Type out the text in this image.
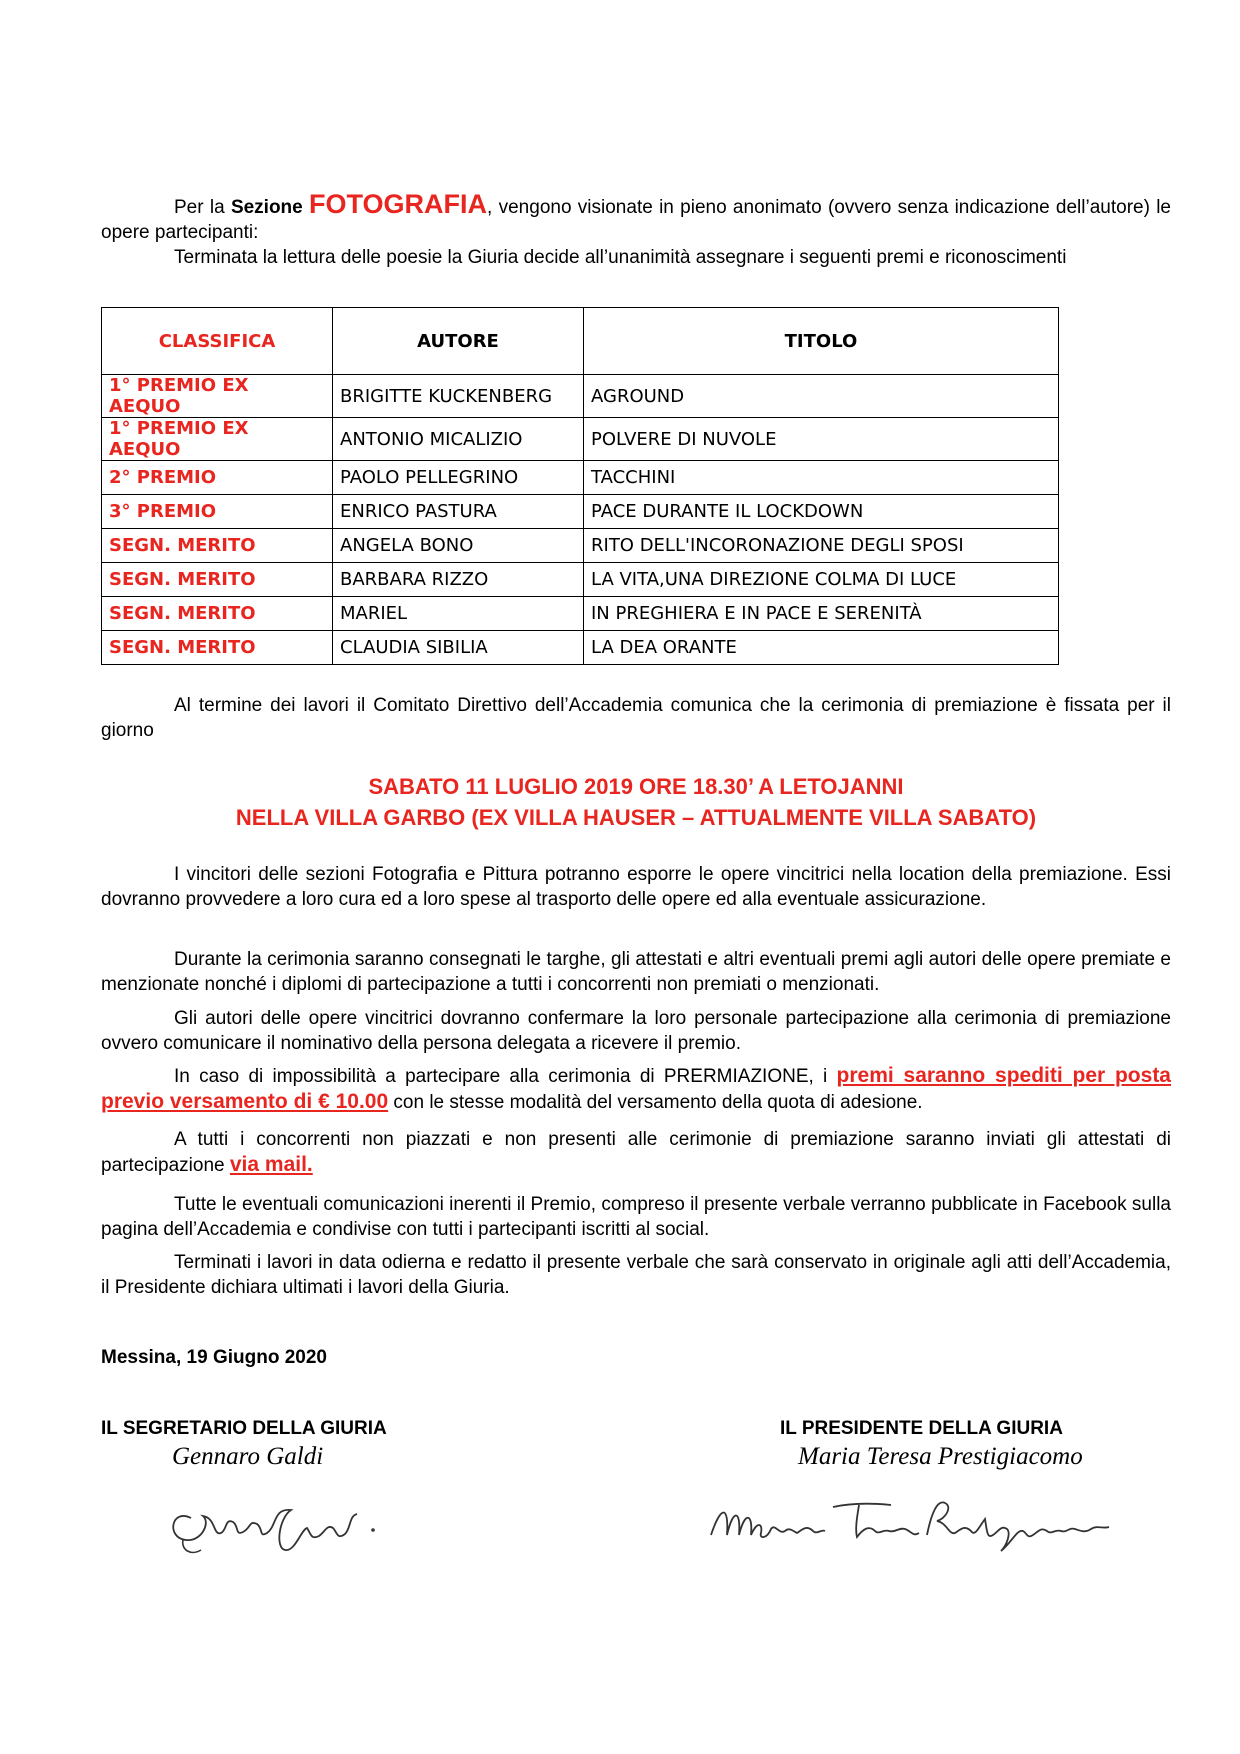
Per la Sezione FOTOGRAFIA, vengono visionate in pieno anonimato (ovvero senza indicazione dell’autore) le opere partecipanti:

Terminata la lettura delle poesie la Giuria decide all’unanimità assegnare i seguenti premi e riconoscimenti

CLASSIFICA	AUTORE	TITOLO
1° PREMIO EX AEQUO	BRIGITTE KUCKENBERG	AGROUND
1° PREMIO EX AEQUO	ANTONIO MICALIZIO	POLVERE DI NUVOLE
2° PREMIO	PAOLO PELLEGRINO	TACCHINI
3° PREMIO	ENRICO PASTURA	PACE DURANTE IL LOCKDOWN
SEGN. MERITO	ANGELA BONO	RITO DELL'INCORONAZIONE DEGLI SPOSI
SEGN. MERITO	BARBARA RIZZO	LA VITA,UNA DIREZIONE COLMA DI LUCE
SEGN. MERITO	MARIEL	IN PREGHIERA E IN PACE E SERENITÀ
SEGN. MERITO	CLAUDIA SIBILIA	LA DEA ORANTE

Al termine dei lavori il Comitato Direttivo dell’Accademia comunica che la cerimonia di premiazione è fissata per il giorno

SABATO 11 LUGLIO 2019 ORE 18.30’ A LETOJANNI
NELLA VILLA GARBO (EX VILLA HAUSER – ATTUALMENTE VILLA SABATO)

I vincitori delle sezioni Fotografia e Pittura potranno esporre le opere vincitrici nella location della premiazione. Essi dovranno provvedere a loro cura ed a loro spese al trasporto delle opere ed alla eventuale assicurazione.

Durante la cerimonia saranno consegnati le targhe, gli attestati e altri eventuali premi agli autori delle opere premiate e menzionate nonché i diplomi di partecipazione a tutti i concorrenti non premiati o menzionati.

Gli autori delle opere vincitrici dovranno confermare la loro personale partecipazione alla cerimonia di premiazione ovvero comunicare il nominativo della persona delegata a ricevere il premio.

In caso di impossibilità a partecipare alla cerimonia di PRERMIAZIONE, i premi saranno spediti per posta previo versamento di € 10.00 con le stesse modalità del versamento della quota di adesione.

A tutti i concorrenti non piazzati e non presenti alle cerimonie di premiazione saranno inviati gli attestati di partecipazione via mail.

Tutte le eventuali comunicazioni inerenti il Premio, compreso il presente verbale verranno pubblicate in Facebook sulla pagina dell’Accademia e condivise con tutti i partecipanti iscritti al social.

Terminati i lavori in data odierna e redatto il presente verbale che sarà conservato in originale agli atti dell’Accademia, il Presidente dichiara ultimati i lavori della Giuria.

Messina, 19 Giugno 2020
IL SEGRETARIO DELLA GIURIA
Gennaro Galdi
IL PRESIDENTE DELLA GIURIA
Maria Teresa Prestigiacomo
